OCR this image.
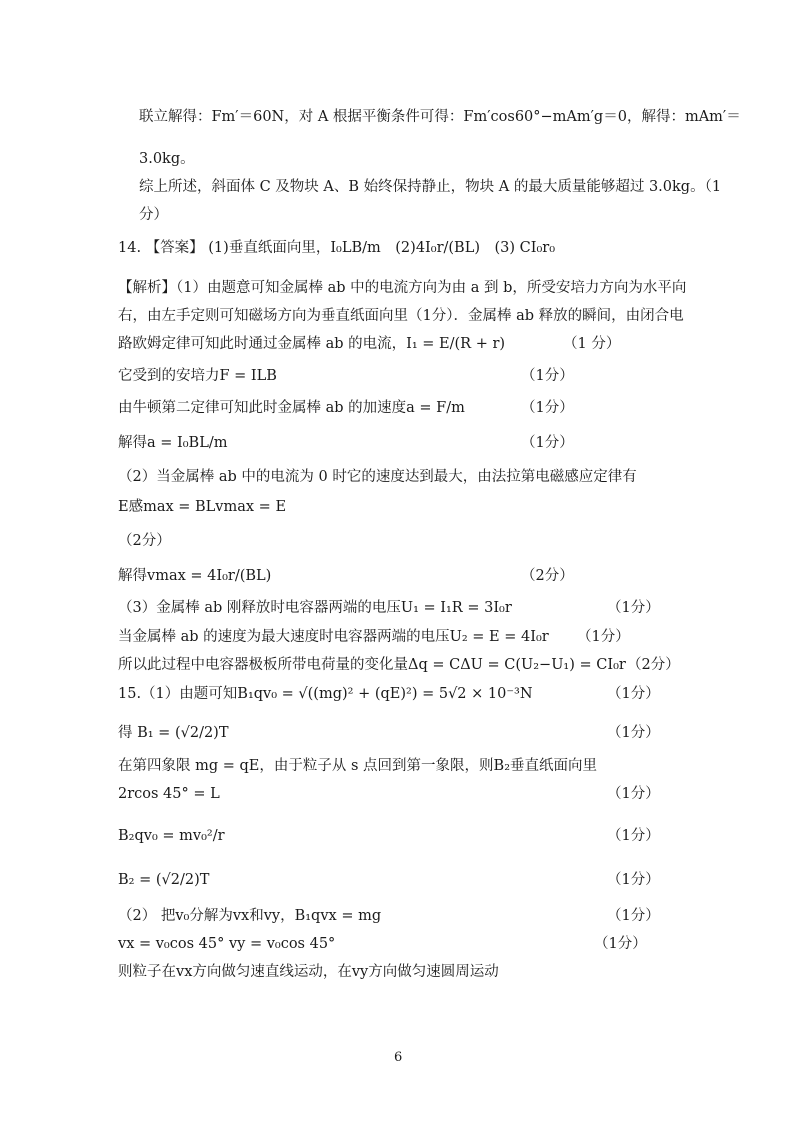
联立解得：Fm′＝60N，对 A 根据平衡条件可得：Fm′cos60°−mAm′g＝0，解得：mAm′＝
3.0kg。
综上所述，斜面体 C 及物块 A、B 始终保持静止，物块 A 的最大质量能够超过 3.0kg。（1
分）
14. 【答案】 (1)垂直纸面向里，I₀LB/m　(2)4I₀r/(BL)　(3) CI₀r₀
【解析】（1）由题意可知金属棒 ab 中的电流方向为由 a 到 b，所受安培力方向为水平向
右，由左手定则可知磁场方向为垂直纸面向里（1分）．金属棒 ab 释放的瞬间，由闭合电
路欧姆定律可知此时通过金属棒 ab 的电流，I₁ = E/(R + r)	（1 分）
它受到的安培力F = ILB	（1分）
由牛顿第二定律可知此时金属棒 ab 的加速度a = F/m	（1分）
解得a = I₀BL/m	（1分）
（2）当金属棒 ab 中的电流为 0 时它的速度达到最大，由法拉第电磁感应定律有
E感max = BLvmax = E
（2分）
解得vmax = 4I₀r/(BL)	（2分）
（3）金属棒 ab 刚释放时电容器两端的电压U₁ = I₁R = 3I₀r	（1分）
当金属棒 ab 的速度为最大速度时电容器两端的电压U₂ = E = 4I₀r （1分）
所以此过程中电容器极板所带电荷量的变化量Δq = CΔU = C(U₂−U₁) = CI₀r （2分）
15.（1）由题可知B₁qv₀ = √((mg)² + (qE)²) = 5√2 × 10⁻³N	（1分）
得 B₁ = (√2/2)T	（1分）
在第四象限 mg = qE，由于粒子从 s 点回到第一象限，则B₂垂直纸面向里
2rcos 45° = L	（1分）
B₂qv₀ = mv₀²/r	（1分）
B₂ = (√2/2)T	（1分）
（2） 把v₀分解为vx和vy，B₁qvx = mg	（1分）
vx = v₀cos 45° vy = v₀cos 45°	（1分）
则粒子在vx方向做匀速直线运动，在vy方向做匀速圆周运动
6
